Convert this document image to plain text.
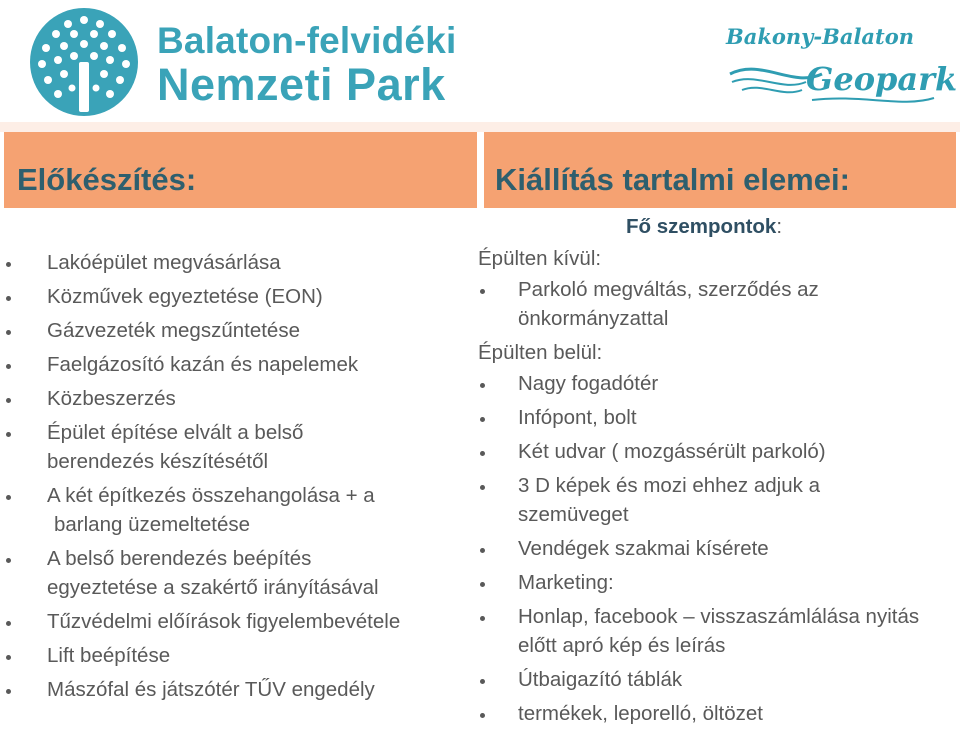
Balaton-felvidéki
Nemzeti Park
Bakony-Balaton
Geopark
Előkészítés:	Kiállítás tartalmi elemei:
Lakóépület megvásárlása
Közművek egyeztetése (EON)
Gázvezeték megszűntetése
Faelgázosító kazán és napelemek
Közbeszerzés
Épület építése elvált a belső berendezés készítésétől
A két építkezés összehangolása + a
barlang üzemeltetése
A belső berendezés beépítés
egyeztetése a szakértő irányításával
Tűzvédelmi előírások figyelembevétele
Lift beépítése
Mászófal és játszótér TŰV engedély
Fő szempontok:
Épülten kívül:
Parkoló megváltás, szerződés az önkormányzattal
Épülten belül:
Nagy fogadótér
Infópont, bolt
Két udvar ( mozgássérült parkoló)
3 D képek és mozi ehhez adjuk a szemüveget
Vendégek szakmai kísérete
Marketing:
Honlap, facebook – visszaszámlálása nyitás előtt apró kép és leírás
Útbaigazító táblák
termékek, leporelló, öltözet
